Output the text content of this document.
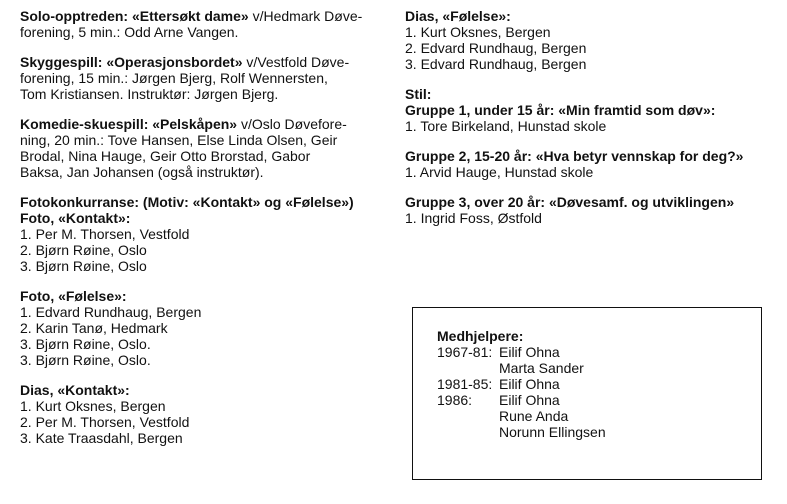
Solo-opptreden: «Ettersøkt dame» v/Hedmark Døve-
forening, 5 min.: Odd Arne Vangen.
Skyggespill: «Operasjonsbordet» v/Vestfold Døve-
forening, 15 min.: Jørgen Bjerg, Rolf Wennersten,
Tom Kristiansen. Instruktør: Jørgen Bjerg.
Komedie-skuespill: «Pelskåpen» v/Oslo Døvefore-
ning, 20 min.: Tove Hansen, Else Linda Olsen, Geir
Brodal, Nina Hauge, Geir Otto Brorstad, Gabor
Baksa, Jan Johansen (også instruktør).
Fotokonkurranse: (Motiv: «Kontakt» og «Følelse»)
Foto, «Kontakt»:
1. Per M. Thorsen, Vestfold
2. Bjørn Røine, Oslo
3. Bjørn Røine, Oslo
Foto, «Følelse»:
1. Edvard Rundhaug, Bergen
2. Karin Tanø, Hedmark
3. Bjørn Røine, Oslo.
3. Bjørn Røine, Oslo.
Dias, «Kontakt»:
1. Kurt Oksnes, Bergen
2. Per M. Thorsen, Vestfold
3. Kate Traasdahl, Bergen
Dias, «Følelse»:
1. Kurt Oksnes, Bergen
2. Edvard Rundhaug, Bergen
3. Edvard Rundhaug, Bergen
Stil:
Gruppe 1, under 15 år: «Min framtid som døv»:
1. Tore Birkeland, Hunstad skole
Gruppe 2, 15-20 år: «Hva betyr vennskap for deg?»
1. Arvid Hauge, Hunstad skole
Gruppe 3, over 20 år: «Døvesamf. og utviklingen»
1. Ingrid Foss, Østfold
Medhjelpere:
1967-81: Eilif Ohna
Marta Sander
1981-85: Eilif Ohna
1986:	Eilif Ohna
Rune Anda
Norunn Ellingsen
